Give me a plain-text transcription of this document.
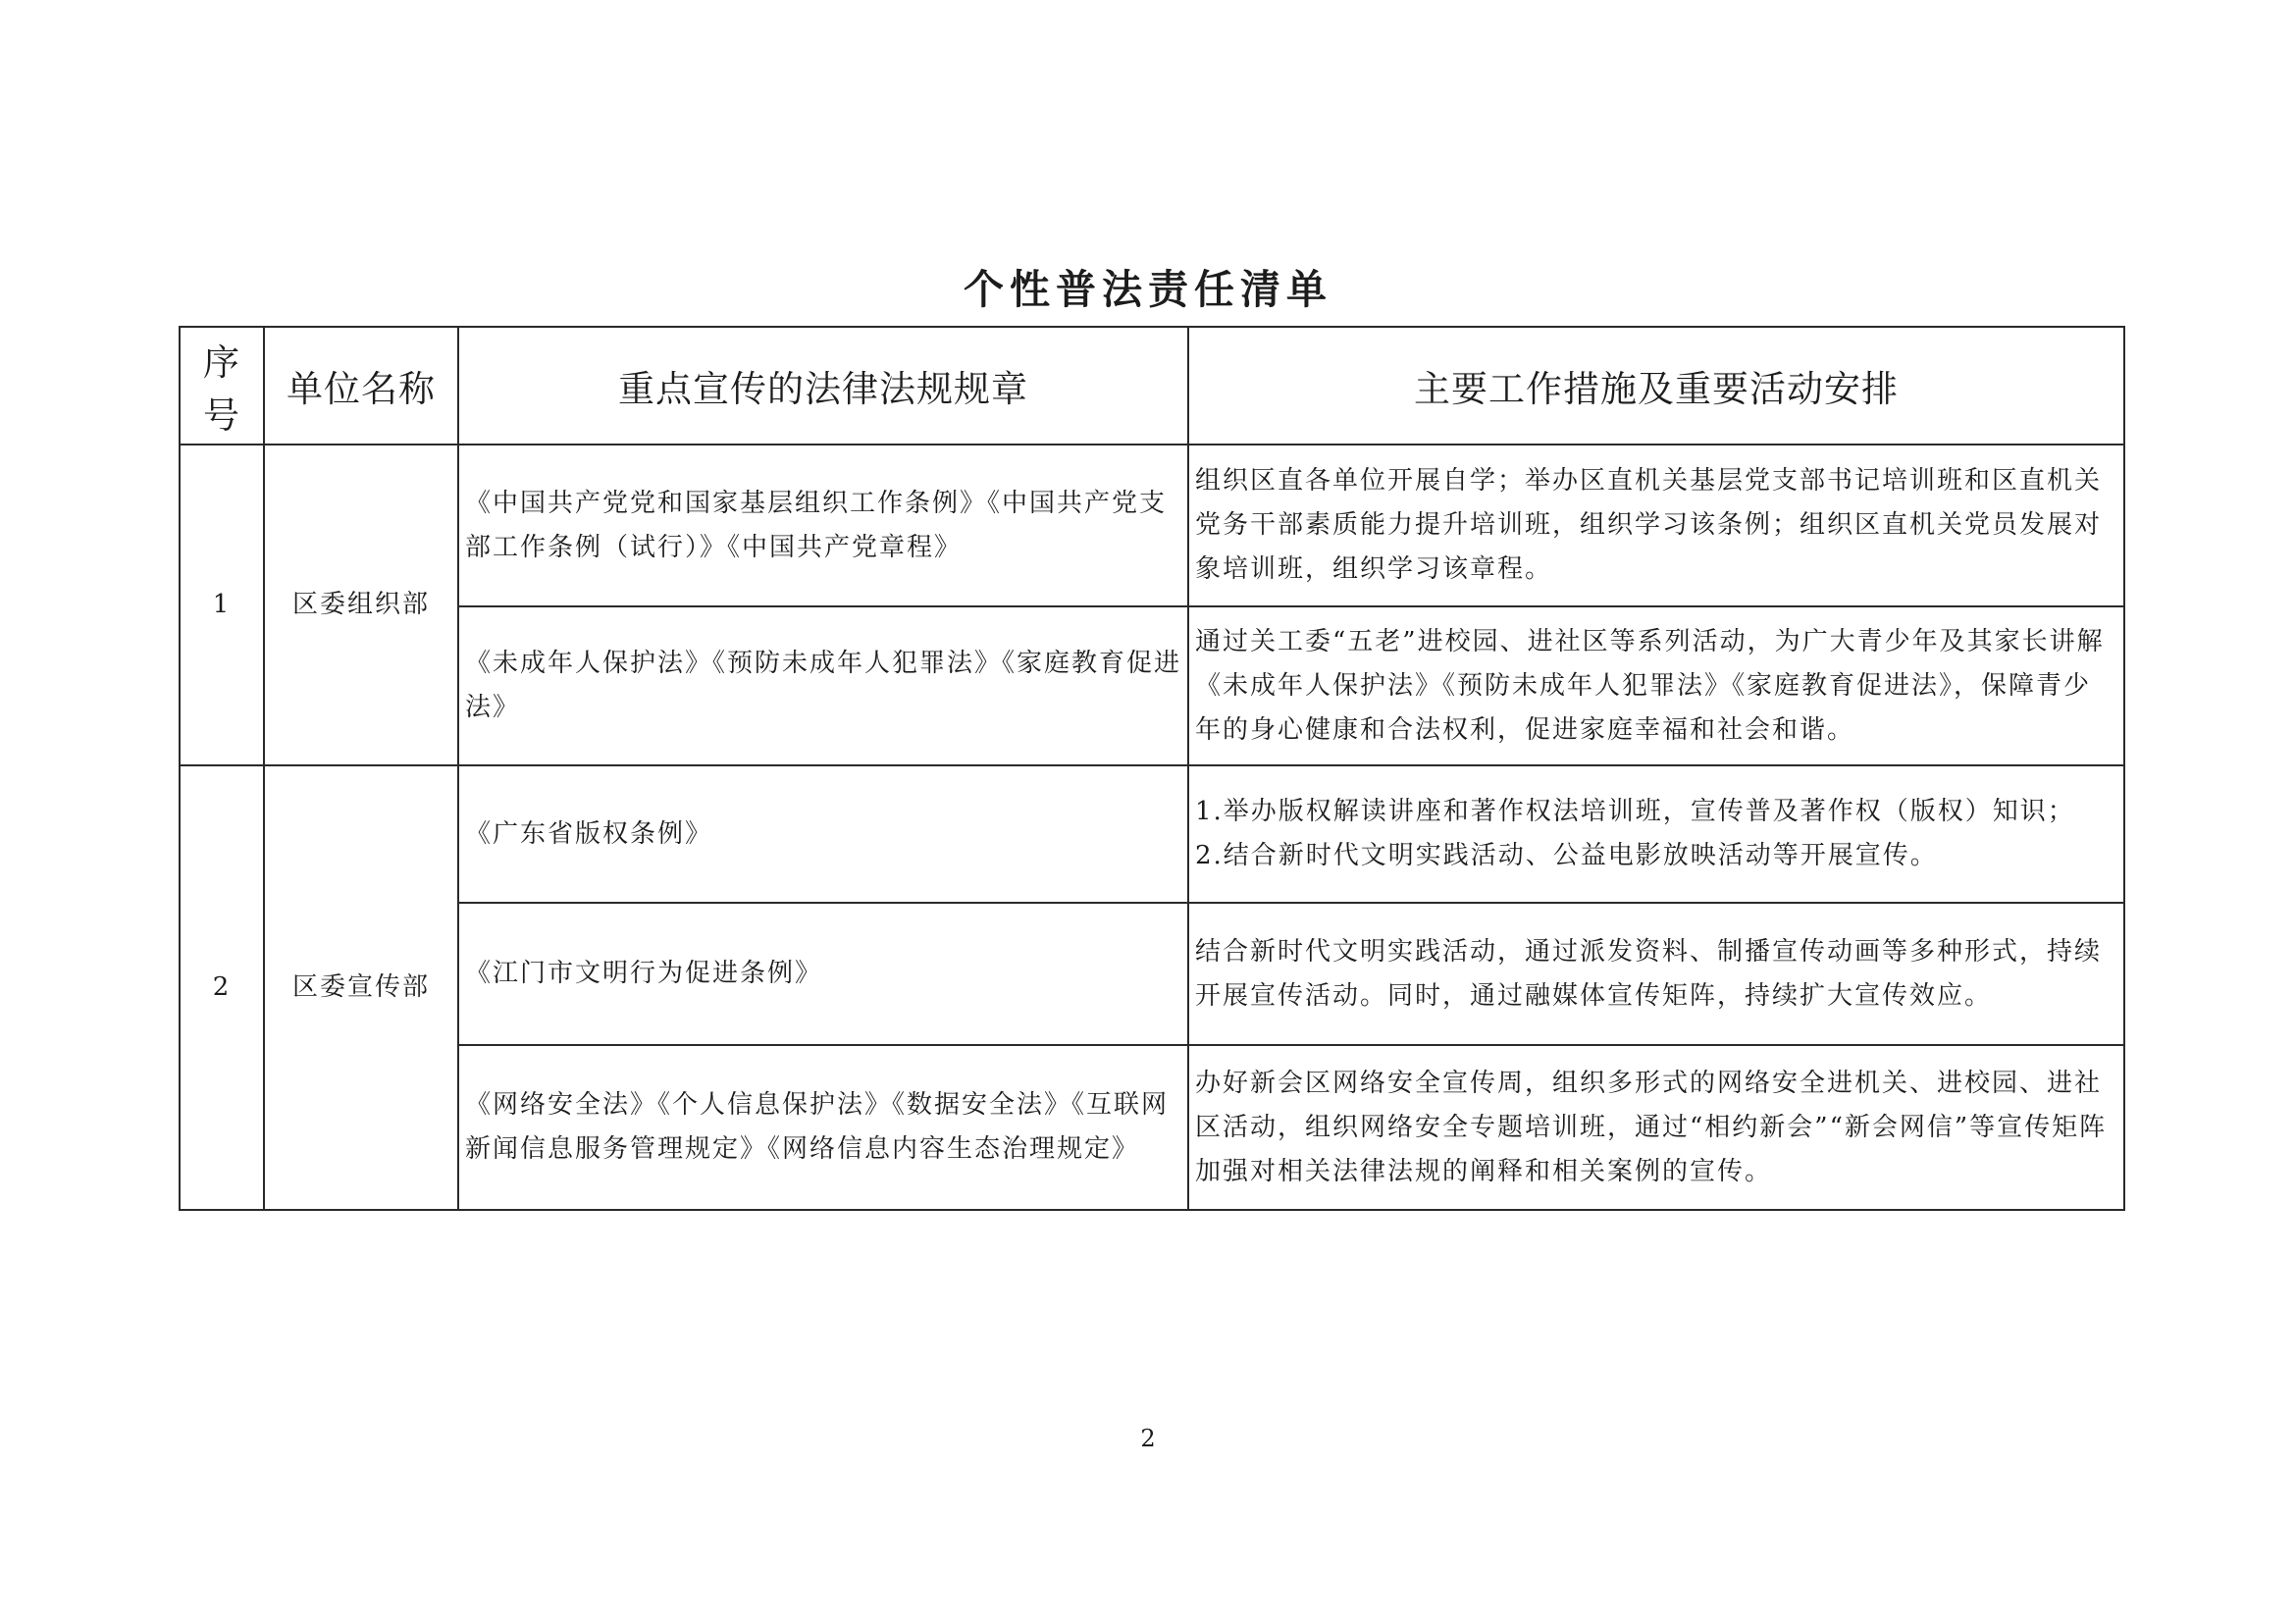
个性普法责任清单
序号	单位名称	重点宣传的法律法规规章	主要工作措施及重要活动安排
1	区委组织部	《中国共产党党和国家基层组织工作条例》《中国共产党支部工作条例（试行）》《中国共产党章程》	组织区直各单位开展自学；举办区直机关基层党支部书记培训班和区直机关党务干部素质能力提升培训班，组织学习该条例；组织区直机关党员发展对象培训班，组织学习该章程。
		《未成年人保护法》《预防未成年人犯罪法》《家庭教育促进法》	通过关工委“五老”进校园、进社区等系列活动，为广大青少年及其家长讲解《未成年人保护法》《预防未成年人犯罪法》《家庭教育促进法》，保障青少年的身心健康和合法权利，促进家庭幸福和社会和谐。
2	区委宣传部	《广东省版权条例》	1.举办版权解读讲座和著作权法培训班，宣传普及著作权（版权）知识；
2.结合新时代文明实践活动、公益电影放映活动等开展宣传。

		《江门市文明行为促进条例》	结合新时代文明实践活动，通过派发资料、制播宣传动画等多种形式，持续开展宣传活动。同时，通过融媒体宣传矩阵，持续扩大宣传效应。
		《网络安全法》《个人信息保护法》《数据安全法》《互联网新闻信息服务管理规定》《网络信息内容生态治理规定》	办好新会区网络安全宣传周，组织多形式的网络安全进机关、进校园、进社区活动，组织网络安全专题培训班，通过“相约新会”“新会网信”等宣传矩阵加强对相关法律法规的阐释和相关案例的宣传。
2
